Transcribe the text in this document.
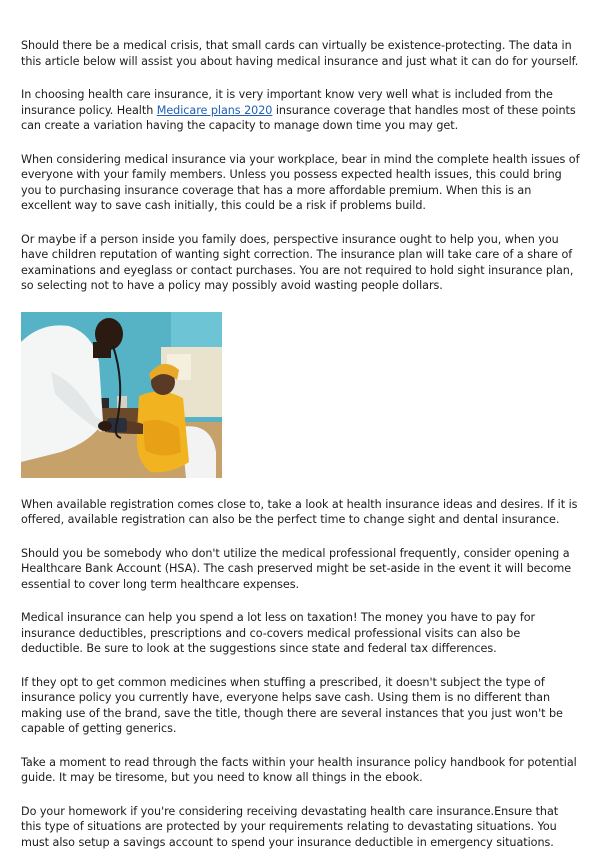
Should there be a medical crisis, that small cards can virtually be existence-protecting. The data in this article below will assist you about having medical insurance and just what it can do for yourself.

In choosing health care insurance, it is very important know very well what is included from the insurance policy. Health Medicare plans 2020 insurance coverage that handles most of these points can create a variation having the capacity to manage down time you may get.

When considering medical insurance via your workplace, bear in mind the complete health issues of everyone with your family members. Unless you possess expected health issues, this could bring you to purchasing insurance coverage that has a more affordable premium. When this is an excellent way to save cash initially, this could be a risk if problems build.

Or maybe if a person inside you family does, perspective insurance ought to help you, when you have children reputation of wanting sight correction. The insurance plan will take care of a share of examinations and eyeglass or contact purchases. You are not required to hold sight insurance plan, so selecting not to have a policy may possibly avoid wasting people dollars.

When available registration comes close to, take a look at health insurance ideas and desires. If it is offered, available registration can also be the perfect time to change sight and dental insurance.

Should you be somebody who don't utilize the medical professional frequently, consider opening a Healthcare Bank Account (HSA). The cash preserved might be set-aside in the event it will become essential to cover long term healthcare expenses.

Medical insurance can help you spend a lot less on taxation! The money you have to pay for insurance deductibles, prescriptions and co-covers medical professional visits can also be deductible. Be sure to look at the suggestions since state and federal tax differences.

If they opt to get common medicines when stuffing a prescribed, it doesn't subject the type of insurance policy you currently have, everyone helps save cash. Using them is no different than making use of the brand, save the title, though there are several instances that you just won't be capable of getting generics.

Take a moment to read through the facts within your health insurance policy handbook for potential guide. It may be tiresome, but you need to know all things in the ebook.

Do your homework if you're considering receiving devastating health care insurance.Ensure that this type of situations are protected by your requirements relating to devastating situations. You must also setup a savings account to spend your insurance deductible in emergency situations.
